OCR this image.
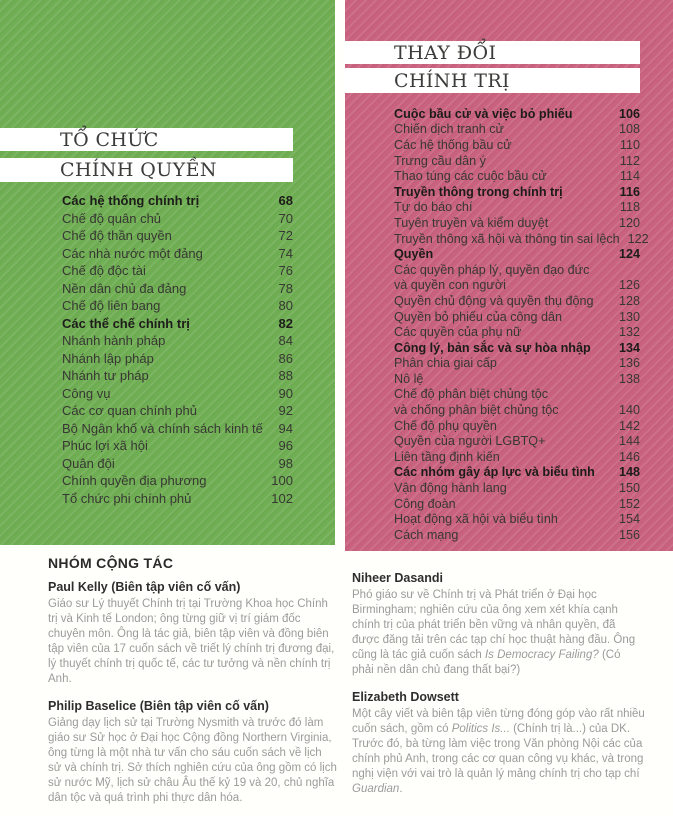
TỔ CHỨC
CHÍNH QUYỀN
Các hệ thống chính trị	68
Chế độ quân chủ	70
Chế độ thần quyền	72
Các nhà nước một đảng	74
Chế độ độc tài	76
Nền dân chủ đa đảng	78
Chế độ liên bang	80
Các thể chế chính trị	82
Nhánh hành pháp	84
Nhánh lập pháp	86
Nhánh tư pháp	88
Công vụ	90
Các cơ quan chính phủ	92
Bộ Ngân khố và chính sách kinh tế 94
Phúc lợi xã hội	96
Quân đội	98
Chính quyền địa phương	100
Tổ chức phi chính phủ	102
THAY ĐỔI
CHÍNH TRỊ
Cuộc bầu cử và việc bỏ phiếu	106
Chiến dịch tranh cử	108
Các hệ thống bầu cử	110
Trưng cầu dân ý	112
Thao túng các cuộc bầu cử	114
Truyền thông trong chính trị	116
Tự do báo chí	118
Tuyên truyền và kiểm duyệt	120
Truyền thông xã hội và thông tin sai lệch 122
Quyền	124
Các quyền pháp lý, quyền đạo đức
và quyền con người	126
Quyền chủ động và quyền thụ động 128
Quyền bỏ phiếu của công dân	130
Các quyền của phụ nữ	132
Công lý, bản sắc và sự hòa nhập 134
Phân chia giai cấp	136
Nô lệ	138
Chế độ phân biệt chủng tộc
và chống phân biệt chủng tộc	140
Chế độ phụ quyền	142
Quyền của người LGBTQ+	144
Liên tầng định kiến	146
Các nhóm gây áp lực và biểu tình 148
Vận động hành lang	150
Công đoàn	152
Hoạt động xã hội và biểu tình	154
Cách mạng	156
NHÓM CỘNG TÁC
Paul Kelly (Biên tập viên cố vấn)

Giáo sư Lý thuyết Chính trị tại Trường Khoa học Chính trị và Kinh tế London; ông từng giữ vị trí giám đốc chuyên môn. Ông là tác giả, biên tập viên và đồng biên tập viên của 17 cuốn sách về triết lý chính trị đương đại, lý thuyết chính trị quốc tế, các tư tưởng và nền chính trị Anh.

Philip Baselice (Biên tập viên cố vấn)

Giảng dạy lịch sử tại Trường Nysmith và trước đó làm giáo sư Sử học ở Đại học Cộng đồng Northern Virginia, ông từng là một nhà tư vấn cho sáu cuốn sách về lịch sử và chính trị. Sở thích nghiên cứu của ông gồm có lịch sử nước Mỹ, lịch sử châu Âu thế kỷ 19 và 20, chủ nghĩa dân tộc và quá trình phi thực dân hóa.

Niheer Dasandi

Phó giáo sư về Chính trị và Phát triển ở Đại học Birmingham; nghiên cứu của ông xem xét khía cạnh chính trị của phát triển bền vững và nhân quyền, đã được đăng tải trên các tạp chí học thuật hàng đầu. Ông cũng là tác giả cuốn sách Is Democracy Failing? (Có phải nền dân chủ đang thất bại?)

Elizabeth Dowsett

Một cây viết và biên tập viên từng đóng góp vào rất nhiều cuốn sách, gồm có Politics Is... (Chính trị là...) của DK. Trước đó, bà từng làm việc trong Văn phòng Nội các của chính phủ Anh, trong các cơ quan công vụ khác, và trong nghị viện với vai trò là quản lý mảng chính trị cho tạp chí Guardian.
